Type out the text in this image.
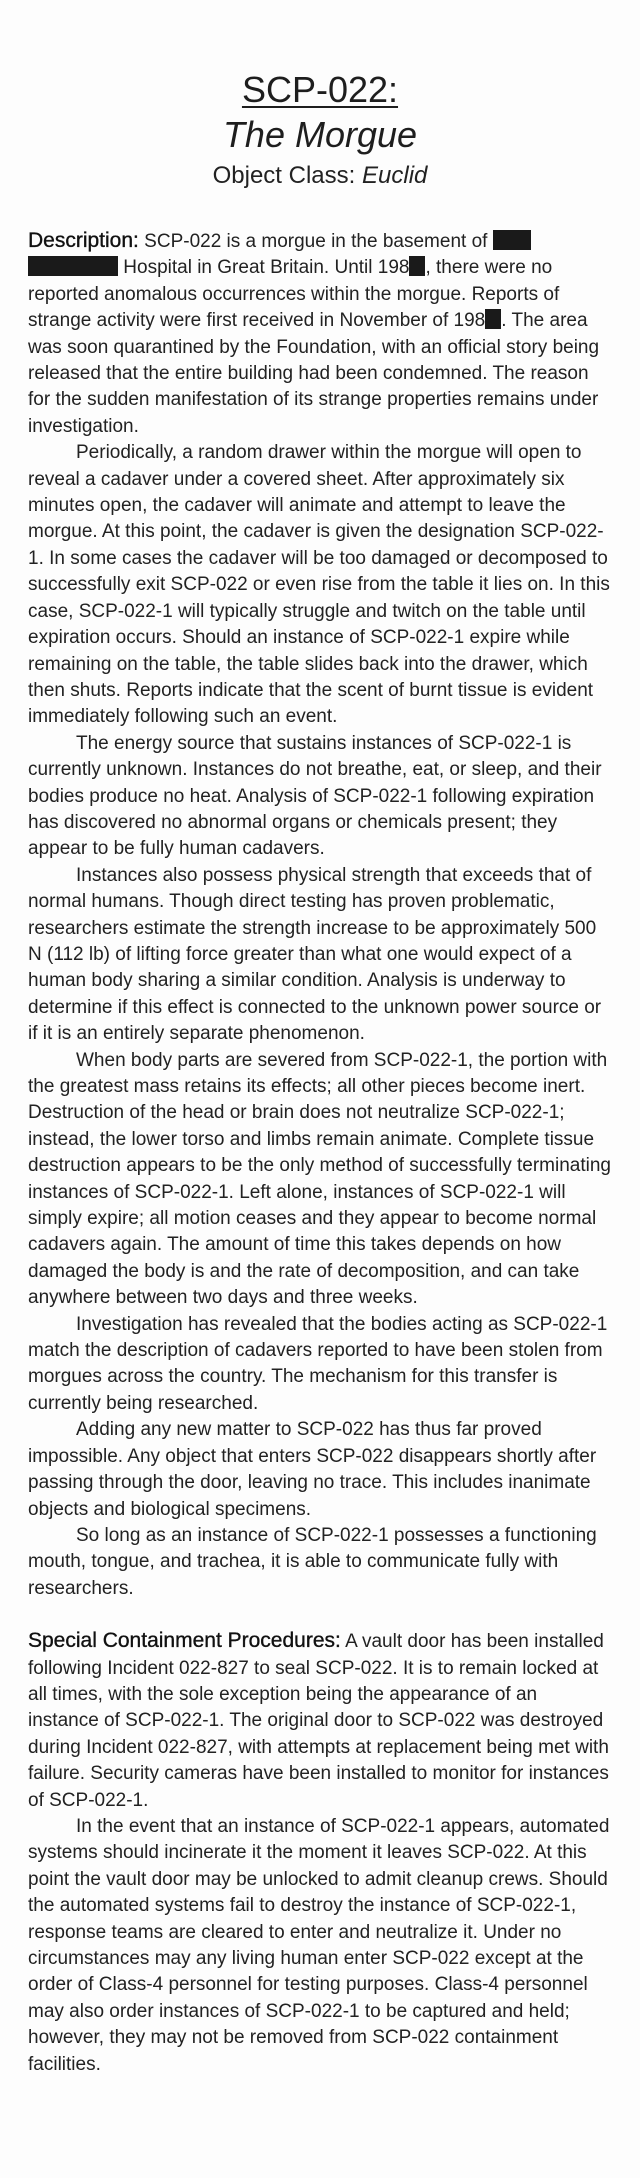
SCP-022:
The Morgue
Object Class: Euclid

Description: SCP-022 is a morgue in the basement of   Hospital in Great Britain. Until 198 , there were no reported anomalous occurrences within the morgue. Reports of strange activity were first received in November of 198 . The area was soon quarantined by the Foundation, with an official story being released that the entire building had been condemned. The reason for the sudden manifestation of its strange properties remains under investigation.

Periodically, a random drawer within the morgue will open to reveal a cadaver under a covered sheet. After approximately six minutes open, the cadaver will animate and attempt to leave the morgue. At this point, the cadaver is given the designation SCP-022-1. In some cases the cadaver will be too damaged or decomposed to successfully exit SCP-022 or even rise from the table it lies on. In this case, SCP-022-1 will typically struggle and twitch on the table until expiration occurs. Should an instance of SCP-022-1 expire while remaining on the table, the table slides back into the drawer, which then shuts. Reports indicate that the scent of burnt tissue is evident immediately following such an event.

The energy source that sustains instances of SCP-022-1 is currently unknown. Instances do not breathe, eat, or sleep, and their bodies produce no heat. Analysis of SCP-022-1 following expiration has discovered no abnormal organs or chemicals present; they appear to be fully human cadavers.

Instances also possess physical strength that exceeds that of normal humans. Though direct testing has proven problematic, researchers estimate the strength increase to be approximately 500 N (112 lb) of lifting force greater than what one would expect of a human body sharing a similar condition. Analysis is underway to determine if this effect is connected to the unknown power source or if it is an entirely separate phenomenon.

When body parts are severed from SCP-022-1, the portion with the greatest mass retains its effects; all other pieces become inert. Destruction of the head or brain does not neutralize SCP-022-1; instead, the lower torso and limbs remain animate. Complete tissue destruction appears to be the only method of successfully terminating instances of SCP-022-1. Left alone, instances of SCP-022-1 will simply expire; all motion ceases and they appear to become normal cadavers again. The amount of time this takes depends on how damaged the body is and the rate of decomposition, and can take anywhere between two days and three weeks.

Investigation has revealed that the bodies acting as SCP-022-1 match the description of cadavers reported to have been stolen from morgues across the country. The mechanism for this transfer is currently being researched.

Adding any new matter to SCP-022 has thus far proved impossible. Any object that enters SCP-022 disappears shortly after passing through the door, leaving no trace. This includes inanimate objects and biological specimens.

So long as an instance of SCP-022-1 possesses a functioning mouth, tongue, and trachea, it is able to communicate fully with researchers.

Special Containment Procedures: A vault door has been installed following Incident 022-827 to seal SCP-022. It is to remain locked at all times, with the sole exception being the appearance of an instance of SCP-022-1. The original door to SCP-022 was destroyed during Incident 022-827, with attempts at replacement being met with failure. Security cameras have been installed to monitor for instances of SCP-022-1.

In the event that an instance of SCP-022-1 appears, automated systems should incinerate it the moment it leaves SCP-022. At this point the vault door may be unlocked to admit cleanup crews. Should the automated systems fail to destroy the instance of SCP-022-1, response teams are cleared to enter and neutralize it. Under no circumstances may any living human enter SCP-022 except at the order of Class-4 personnel for testing purposes. Class-4 personnel may also order instances of SCP-022-1 to be captured and held; however, they may not be removed from SCP-022 containment facilities.
